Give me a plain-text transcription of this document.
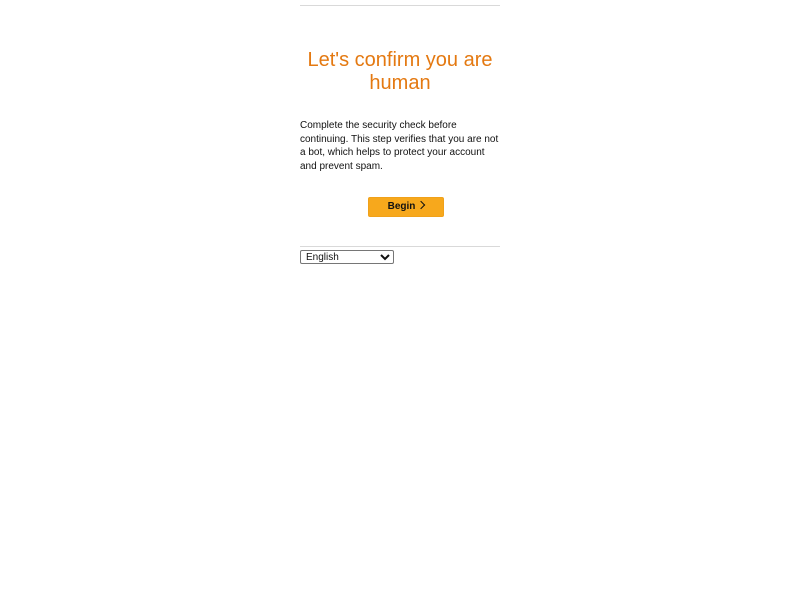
Let's confirm you are human

Complete the security check before continuing. This step verifies that you are not a bot, which helps to protect your account and prevent spam.

Begin
English
